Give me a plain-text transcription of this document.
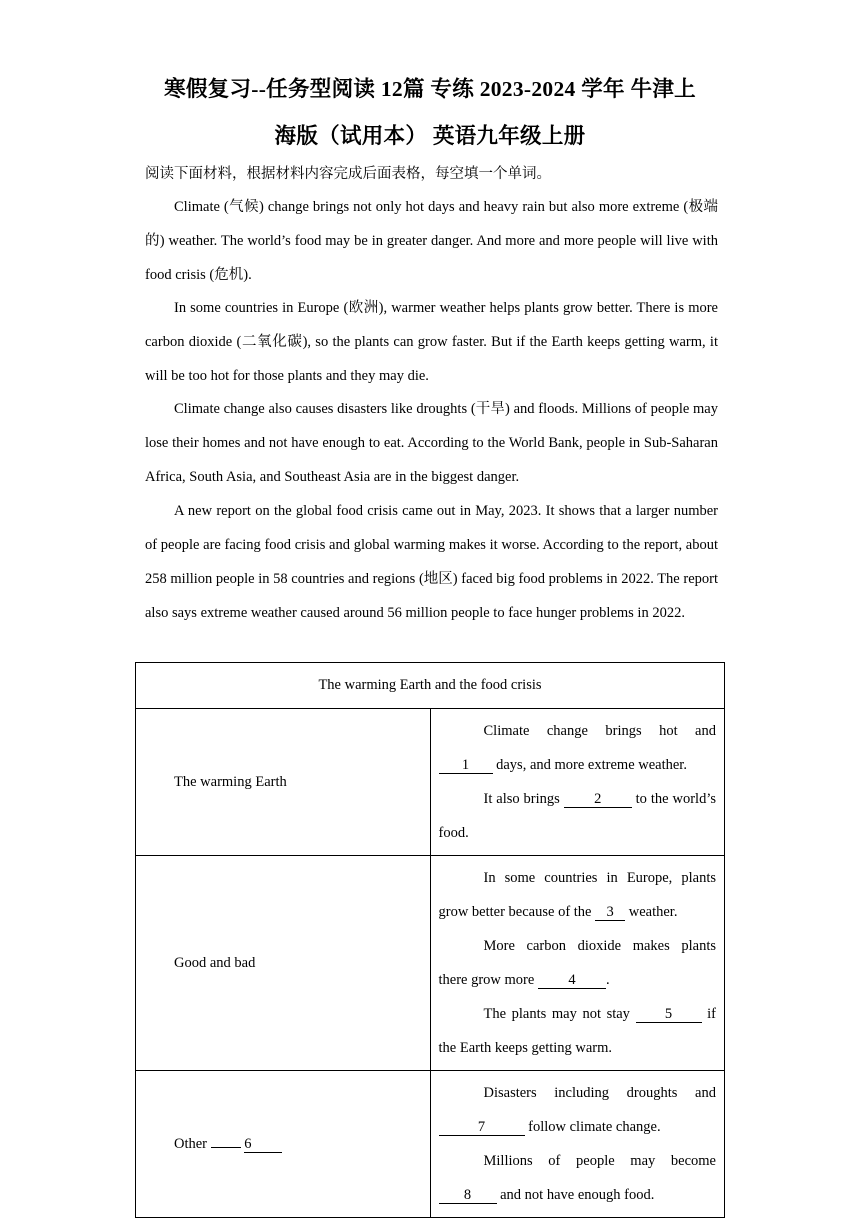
寒假复习--任务型阅读 12篇 专练 2023-2024 学年 牛津上
海版（试用本） 英语九年级上册
阅读下面材料，根据材料内容完成后面表格，每空填一个单词。

Climate (气候) change brings not only hot days and heavy rain but also more extreme (极端的) weather. The world’s food may be in greater danger. And more and more people will live with food crisis (危机).

In some countries in Europe (欧洲), warmer weather helps plants grow better. There is more carbon dioxide (二氧化碳), so the plants can grow faster. But if the Earth keeps getting warm, it will be too hot for those plants and they may die.

Climate change also causes disasters like droughts (干旱) and floods. Millions of people may lose their homes and not have enough to eat. According to the World Bank, people in Sub-Saharan Africa, South Asia, and Southeast Asia are in the biggest danger.

A new report on the global food crisis came out in May, 2023. It shows that a larger number of people are facing food crisis and global warming makes it worse. According to the report, about 258 million people in 58 countries and regions (地区) faced big food problems in 2022. The report also says extreme weather caused around 56 million people to face hunger problems in 2022.

The warming Earth and the food crisis	

The warming Earth	Climate change brings hot and 1 days, and more extreme weather.

It also brings 2 to the world’s food.

Good and bad	In some countries in Europe, plants grow better because of the 3 weather.

More carbon dioxide makes plants there grow more 4 .

The plants may not stay 5 if the Earth keeps getting warm.

Other 6	Disasters including droughts and 7 follow climate change.

Millions of people may become 8 and not have enough food.
